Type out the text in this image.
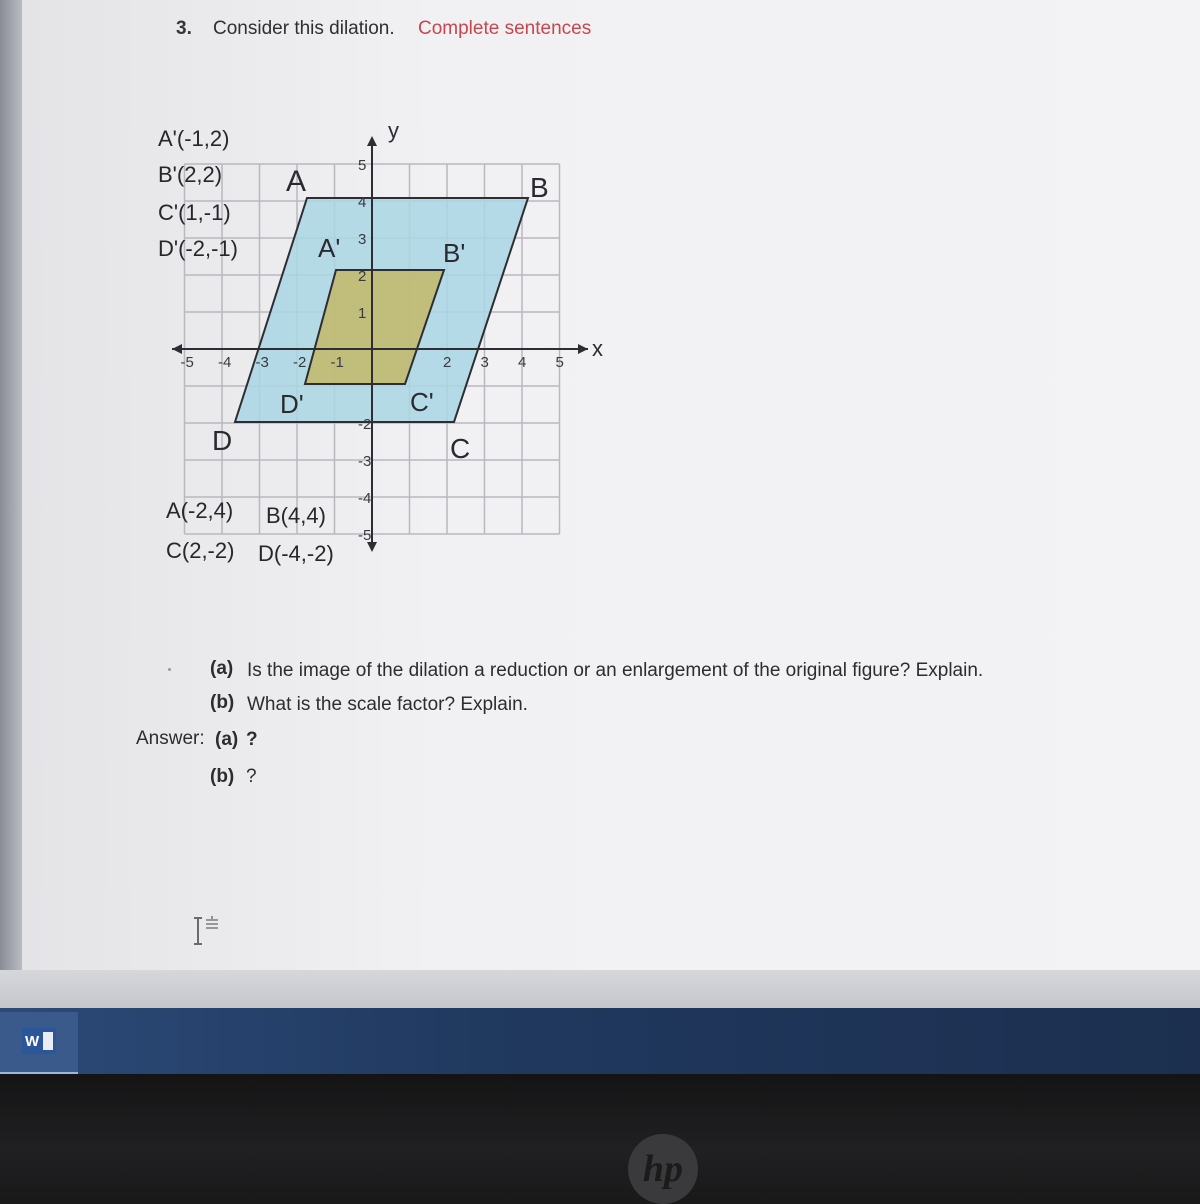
3. Consider this dilation. Complete sentences
-5 -4 -3 -2 -1	2 3 4 5
5
4
3
2
1
-2
-3
-4
-5
x
y
A	B
C
D
A'	B'
C'
D'
A'(-1,2)
B'(2,2)
C'(1,-1)
D'(-2,-1)
A(-2,4) B(4,4)
C(2,-2) D(-4,-2)
(a) Is the image of the dilation a reduction or an enlargement of the original figure? Explain.
(b) What is the scale factor? Explain.
Answer: (a) ?
(b) ?
W
hp
